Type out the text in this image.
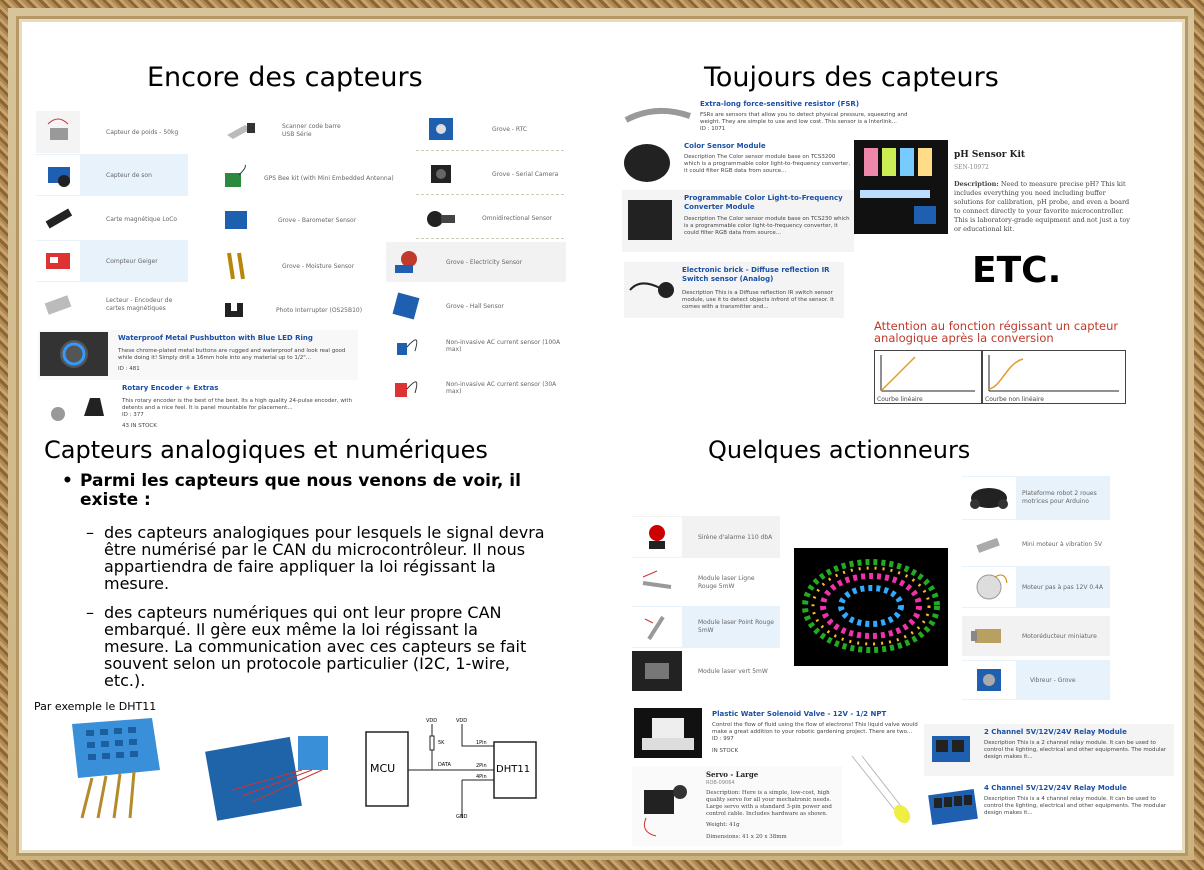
Encore des capteurs
Capteur de poids - 50kg
Capteur de son
Carte magnétique LoCo
Compteur Geiger
Lecteur - Encodeur de cartes magnétiques
Scanner code barre USB Série
GPS Bee kit (with Mini Embedded Antenna)
Grove - Barometer Sensor
Grove - Moisture Sensor
Photo Interrupter (OS25B10)
Grove - RTC
Grove - Serial Camera
Omnidirectional Sensor
Grove - Electricity Sensor
Grove - Hall Sensor
Non-invasive AC current sensor (100A max)
Non-invasive AC current sensor (30A max)
Waterproof Metal Pushbutton with Blue LED Ring
These chrome-plated metal buttons are rugged and waterproof and look real good while doing it! Simply drill a 16mm hole into any material up to 1/2"...
ID : 481
Rotary Encoder + Extras
This rotary encoder is the best of the best. Its a high quality 24-pulse encoder, with detents and a nice feel. It is panel mountable for placement...
ID : 377
43 IN STOCK
Toujours des capteurs
Extra-long force-sensitive resistor (FSR)
FSRs are sensors that allow you to detect physical pressure, squeezing and weight. They are simple to use and low cost. This sensor is a Interlink...
ID : 1071
Color Sensor Module
Description The Color sensor module base on TCS3200 which is a programmable color light-to-frequency converter, it could filter RGB data from source...
Programmable Color Light-to-Frequency Converter Module
Description The Color sensor module base on TCS230 which is a programmable color light-to-frequency converter, it could filter RGB data from source...
Electronic brick - Diffuse reflection IR Switch sensor (Analog)
Description This is a Diffuse reflection IR switch sensor module, use it to detect objects infront of the sensor. It comes with a transmitter and...
pH Sensor Kit
SEN-10972
Description: Need to measure precise pH? This kit includes everything you need including buffer solutions for calibration, pH probe, and even a board to connect directly to your favorite microcontroller. This is laboratory-grade equipment and not just a toy or educational kit.
ETC.
Attention au fonction régissant un capteur analogique après la conversion
Courbe linéaire	Courbe non linéaire
Capteurs analogiques et numériques
• Parmi les capteurs que nous venons de voir, il existe :
– des capteurs analogiques pour lesquels le signal devra être numérisé par le CAN du microcontrôleur. Il nous appartiendra de faire appliquer la loi régissant la mesure.
– des capteurs numériques qui ont leur propre CAN embarqué. Il gère eux même la loi régissant la mesure. La communication avec ces capteurs se fait souvent selon un protocole particulier (I2C, 1-wire, etc.).
Par exemple le DHT11
MCU	DHT11
VDD	VDD
5K
DATA
1Pin
2Pin
4Pin
GND
Quelques actionneurs
Sirène d'alarme 110 dbA
Module laser Ligne Rouge 5mW
Module laser Point Rouge 5mW
Module laser vert 5mW
Plateforme robot 2 roues motrices pour Arduino
Mini moteur à vibration 5V
Moteur pas à pas 12V 0.4A
Motoréducteur miniature
Vibreur - Grove
Plastic Water Solenoid Valve - 12V - 1/2 NPT
Control the flow of fluid using the flow of electrons! This liquid valve would make a great addition to your robotic gardening project. There are two...
ID : 997
IN STOCK
Servo - Large
ROB-09064
Description: Here is a simple, low-cost, high quality servo for all your mechatronic needs. Large servo with a standard 3-pin power and control cable. Includes hardware as shown.
Weight: 41g
Dimensions: 41 x 20 x 38mm
2 Channel 5V/12V/24V Relay Module
Description This is a 2 channel relay module. It can be used to control the lighting, electrical and other equipments. The modular design makes it...
4 Channel 5V/12V/24V Relay Module
Description This is a 4 channel relay module. It can be used to control the lighting, electrical and other equipments. The modular design makes it...
